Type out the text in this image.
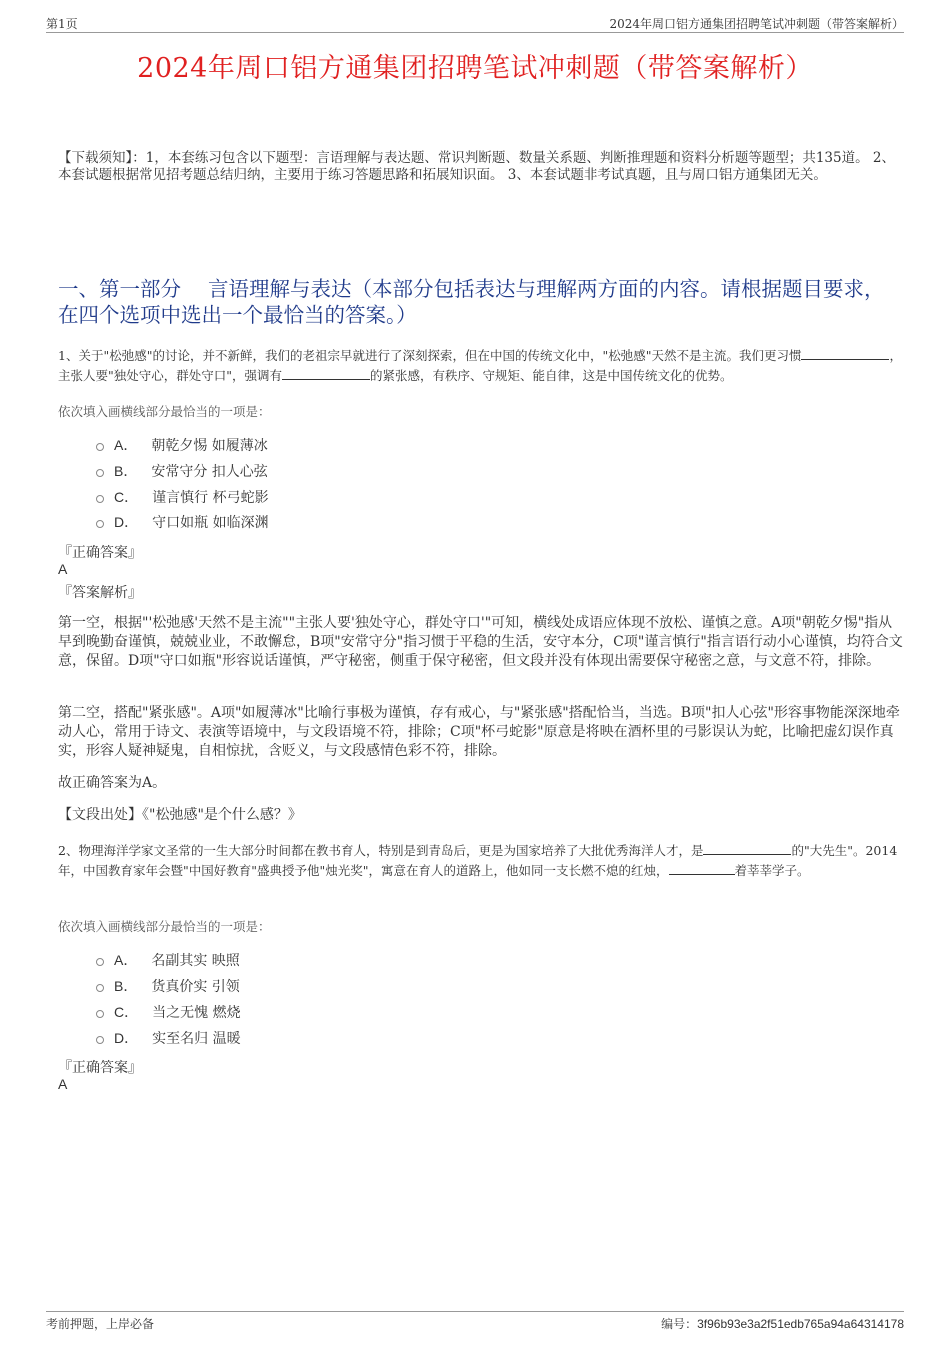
第1页	2024年周口铝方通集团招聘笔试冲刺题（带答案解析）
2024年周口铝方通集团招聘笔试冲刺题（带答案解析）
【下载须知】：1，本套练习包含以下题型：言语理解与表达题、常识判断题、数量关系题、判断推理题和资料分析题等题型；共135道。 2、本套试题根据常见招考题总结归纳，主要用于练习答题思路和拓展知识面。 3、本套试题非考试真题，且与周口铝方通集团无关。
一、第一部分　 言语理解与表达（本部分包括表达与理解两方面的内容。请根据题目要求，在四个选项中选出一个最恰当的答案。）
1、关于"松弛感"的讨论，并不新鲜，我们的老祖宗早就进行了深刻探索，但在中国的传统文化中，"松弛感"天然不是主流。我们更习惯	，主张人要"独处守心，群处守口"，强调有	的紧张感，有秩序、守规矩、能自律，这是中国传统文化的优势。
依次填入画横线部分最恰当的一项是：
A． 朝乾夕惕 如履薄冰
B． 安常守分 扣人心弦
C． 谨言慎行 杯弓蛇影
D． 守口如瓶 如临深渊
『正确答案』
A
『答案解析』
第一空，根据"'松弛感'天然不是主流""主张人要'独处守心，群处守口'"可知，横线处成语应体现不放松、谨慎之意。A项"朝乾夕惕"指从早到晚勤奋谨慎，兢兢业业，不敢懈怠，B项"安常守分"指习惯于平稳的生活，安守本分，C项"谨言慎行"指言语行动小心谨慎，均符合文意，保留。D项"守口如瓶"形容说话谨慎，严守秘密，侧重于保守秘密，但文段并没有体现出需要保守秘密之意，与文意不符，排除。
第二空，搭配"紧张感"。A项"如履薄冰"比喻行事极为谨慎，存有戒心，与"紧张感"搭配恰当，当选。B项"扣人心弦"形容事物能深深地牵动人心，常用于诗文、表演等语境中，与文段语境不符，排除；C项"杯弓蛇影"原意是将映在酒杯里的弓影误认为蛇，比喻把虚幻误作真实，形容人疑神疑鬼，自相惊扰，含贬义，与文段感情色彩不符，排除。
故正确答案为A。
【文段出处】《"松弛感"是个什么感？》
2、物理海洋学家文圣常的一生大部分时间都在教书育人，特别是到青岛后，更是为国家培养了大批优秀海洋人才，是	的"大先生"。2014年，中国教育家年会暨"中国好教育"盛典授予他"烛光奖"，寓意在育人的道路上，他如同一支长燃不熄的红烛，	着莘莘学子。
依次填入画横线部分最恰当的一项是：
A． 名副其实 映照
B． 货真价实 引领
C． 当之无愧 燃烧
D． 实至名归 温暖
『正确答案』
A
考前押题，上岸必备	编号：3f96b93e3a2f51edb765a94a64314178
